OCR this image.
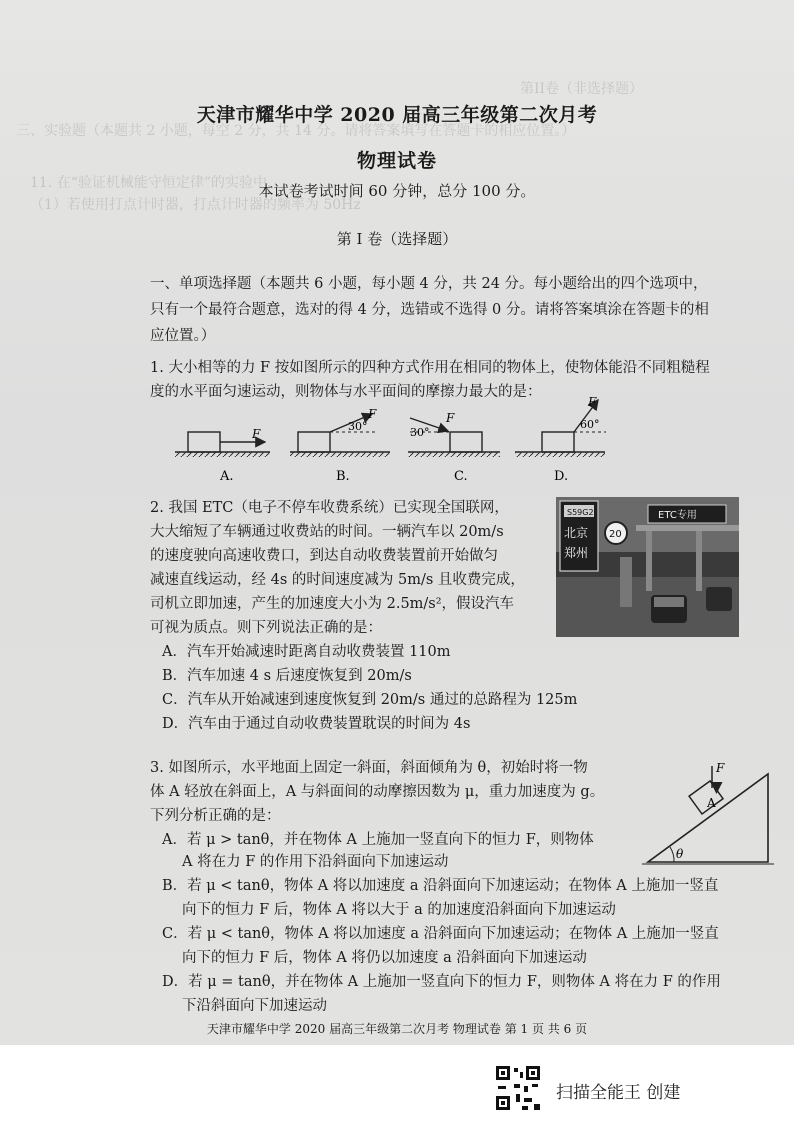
第II卷（非选择题）
三、实验题（本题共 2 小题，每空 2 分，共 14 分。请将答案填写在答题卡的相应位置。）
11. 在“验证机械能守恒定律”的实验中，
（1）若使用打点计时器，打点计时器的频率为 50Hz
天津市耀华中学 2020 届高三年级第二次月考
物理试卷
本试卷考试时间 60 分钟，总分 100 分。
第 I 卷（选择题）
一、单项选择题（本题共 6 小题，每小题 4 分，共 24 分。每小题给出的四个选项中，
只有一个最符合题意，选对的得 4 分，选错或不选得 0 分。请将答案填涂在答题卡的相
应位置。）
1. 大小相等的力 F 按如图所示的四种方式作用在相同的物体上，使物体能沿不同粗糙程
度的水平面匀速运动，则物体与水平面间的摩擦力最大的是：
F
F
30°	30°
F
F
60°
A.	B.	C.	D.
2. 我国 ETC（电子不停车收费系统）已实现全国联网，
大大缩短了车辆通过收费站的时间。一辆汽车以 20m/s
的速度驶向高速收费口，到达自动收费装置前开始做匀
减速直线运动，经 4s 的时间速度减为 5m/s 且收费完成，
司机立即加速，产生的加速度大小为 2.5m/s²，假设汽车
可视为质点。则下列说法正确的是：
A．汽车开始减速时距离自动收费装置 110m
B．汽车加速 4 s 后速度恢复到 20m/s
C．汽车从开始减速到速度恢复到 20m/s 通过的总路程为 125m
D．汽车由于通过自动收费装置耽误的时间为 4s
S59G2
北京
郑州
20
ETC专用
3. 如图所示，水平地面上固定一斜面，斜面倾角为 θ，初始时将一物
体 A 轻放在斜面上，A 与斜面间的动摩擦因数为 μ，重力加速度为 g。
下列分析正确的是：
A．若 μ > tanθ，并在物体 A 上施加一竖直向下的恒力 F，则物体
A 将在力 F 的作用下沿斜面向下加速运动
B．若 μ < tanθ，物体 A 将以加速度 a 沿斜面向下加速运动；在物体 A 上施加一竖直
向下的恒力 F 后，物体 A 将以大于 a 的加速度沿斜面向下加速运动
C．若 μ < tanθ，物体 A 将以加速度 a 沿斜面向下加速运动；在物体 A 上施加一竖直
向下的恒力 F 后，物体 A 将仍以加速度 a 沿斜面向下加速运动
D．若 μ = tanθ，并在物体 A 上施加一竖直向下的恒力 F，则物体 A 将在力 F 的作用
下沿斜面向下加速运动
F
A
θ
天津市耀华中学 2020 届高三年级第二次月考 物理试卷 第 1 页 共 6 页
扫描全能王 创建
